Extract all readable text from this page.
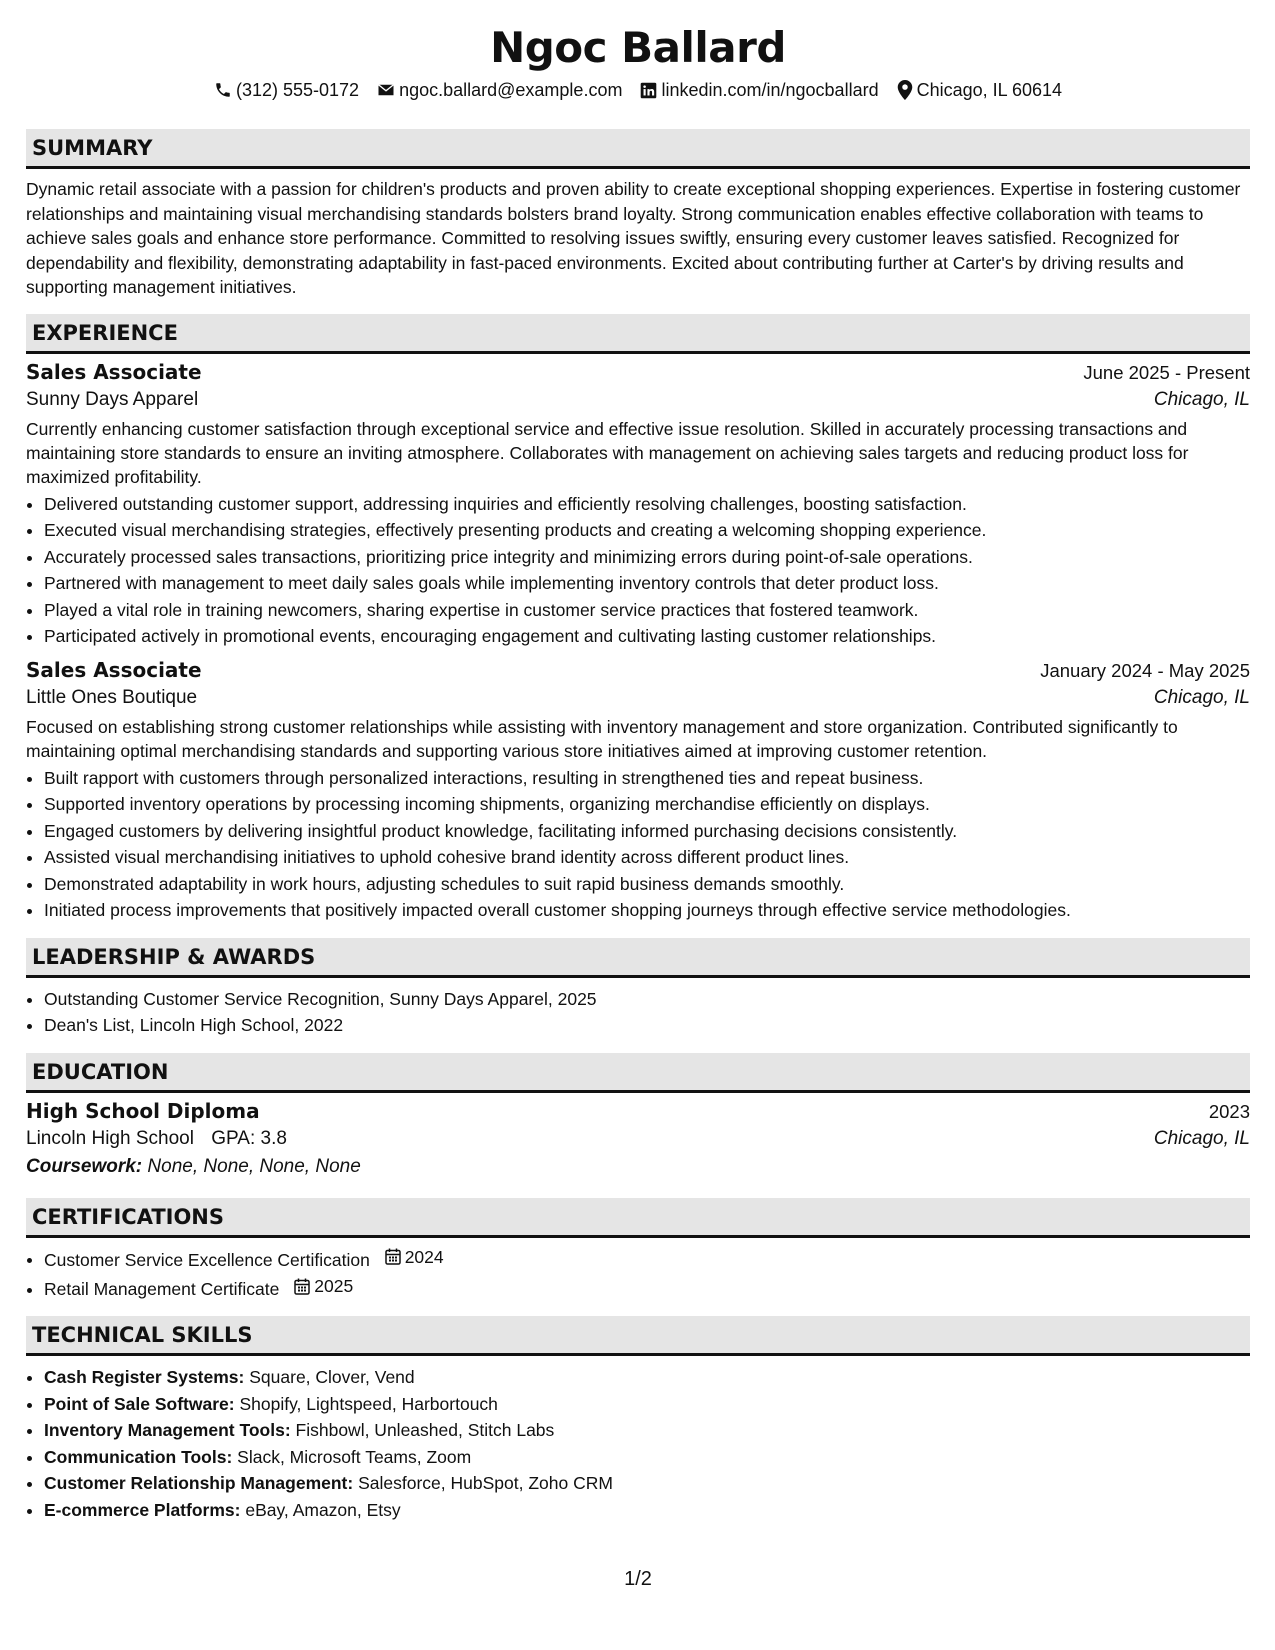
Ngoc Ballard
(312) 555-0172 ngoc.ballard@example.com linkedin.com/in/ngocballard Chicago, IL 60614
SUMMARY

Dynamic retail associate with a passion for children's products and proven ability to create exceptional shopping experiences. Expertise in fostering customer relationships and maintaining visual merchandising standards bolsters brand loyalty. Strong communication enables effective collaboration with teams to achieve sales goals and enhance store performance. Committed to resolving issues swiftly, ensuring every customer leaves satisfied. Recognized for dependability and flexibility, demonstrating adaptability in fast-paced environments. Excited about contributing further at Carter's by driving results and supporting management initiatives.

EXPERIENCE
Sales Associate	June 2025 - Present
Sunny Days Apparel	Chicago, IL

Currently enhancing customer satisfaction through exceptional service and effective issue resolution. Skilled in accurately processing transactions and maintaining store standards to ensure an inviting atmosphere. Collaborates with management on achieving sales targets and reducing product loss for maximized profitability.

• Delivered outstanding customer support, addressing inquiries and efficiently resolving challenges, boosting satisfaction.
• Executed visual merchandising strategies, effectively presenting products and creating a welcoming shopping experience.
• Accurately processed sales transactions, prioritizing price integrity and minimizing errors during point-of-sale operations.
• Partnered with management to meet daily sales goals while implementing inventory controls that deter product loss.
• Played a vital role in training newcomers, sharing expertise in customer service practices that fostered teamwork.
• Participated actively in promotional events, encouraging engagement and cultivating lasting customer relationships.
Sales Associate	January 2024 - May 2025
Little Ones Boutique	Chicago, IL

Focused on establishing strong customer relationships while assisting with inventory management and store organization. Contributed significantly to maintaining optimal merchandising standards and supporting various store initiatives aimed at improving customer retention.

• Built rapport with customers through personalized interactions, resulting in strengthened ties and repeat business.
• Supported inventory operations by processing incoming shipments, organizing merchandise efficiently on displays.
• Engaged customers by delivering insightful product knowledge, facilitating informed purchasing decisions consistently.
• Assisted visual merchandising initiatives to uphold cohesive brand identity across different product lines.
• Demonstrated adaptability in work hours, adjusting schedules to suit rapid business demands smoothly.
• Initiated process improvements that positively impacted overall customer shopping journeys through effective service methodologies.
LEADERSHIP & AWARDS
• Outstanding Customer Service Recognition, Sunny Days Apparel, 2025
• Dean's List, Lincoln High School, 2022
EDUCATION
High School Diploma	2023
Lincoln High School GPA: 3.8	Chicago, IL
Coursework: None, None, None, None
CERTIFICATIONS
• Customer Service Excellence Certification 2024
• Retail Management Certificate 2025
TECHNICAL SKILLS
• Cash Register Systems: Square, Clover, Vend
• Point of Sale Software: Shopify, Lightspeed, Harbortouch
• Inventory Management Tools: Fishbowl, Unleashed, Stitch Labs
• Communication Tools: Slack, Microsoft Teams, Zoom
• Customer Relationship Management: Salesforce, HubSpot, Zoho CRM
• E-commerce Platforms: eBay, Amazon, Etsy
1/2
